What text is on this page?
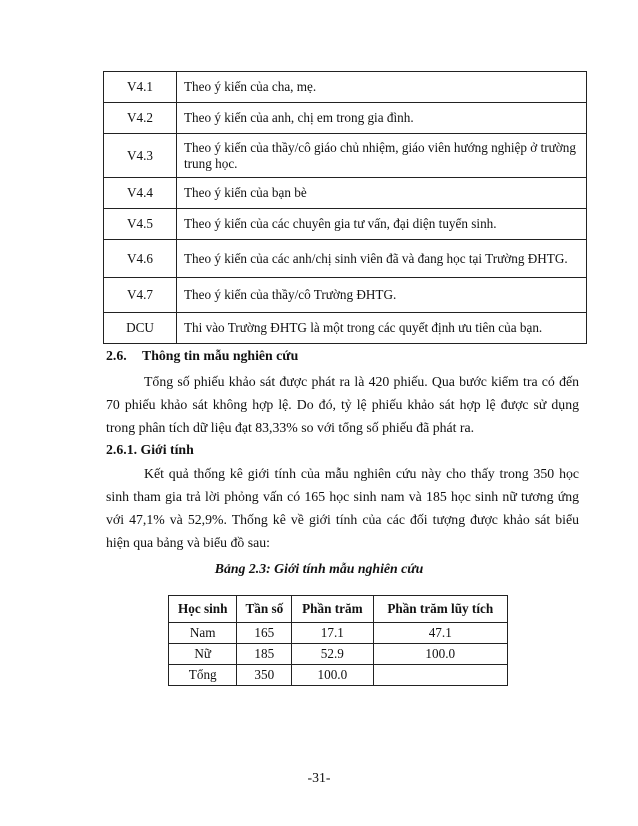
V4.1	Theo ý kiến của cha, mẹ.
V4.2	Theo ý kiến của anh, chị em trong gia đình.
V4.3	Theo ý kiến của thầy/cô giáo chủ nhiệm, giáo viên hướng nghiệp ở trường trung học.
V4.4	Theo ý kiến của bạn bè
V4.5	Theo ý kiến của các chuyên gia tư vấn, đại diện tuyển sinh.
V4.6	Theo ý kiến của các anh/chị sinh viên đã và đang học tại Trường ĐHTG.
V4.7	Theo ý kiến của thầy/cô Trường ĐHTG.
DCU	Thi vào Trường ĐHTG là một trong các quyết định ưu tiên của bạn.
2.6. Thông tin mẫu nghiên cứu

Tổng số phiếu khảo sát được phát ra là 420 phiếu. Qua bước kiểm tra có đến 70 phiếu khảo sát không hợp lệ. Do đó, tỷ lệ phiếu khảo sát hợp lệ được sử dụng trong phân tích dữ liệu đạt 83,33% so với tổng số phiếu đã phát ra.

2.6.1. Giới tính

Kết quả thống kê giới tính của mẫu nghiên cứu này cho thấy trong 350 học sinh tham gia trả lời phỏng vấn có 165 học sinh nam và 185 học sinh nữ tương ứng với 47,1% và 52,9%. Thống kê về giới tính của các đối tượng được khảo sát biểu hiện qua bảng và biểu đồ sau:

Bảng 2.3: Giới tính mẫu nghiên cứu
Học sinh	Tần số	Phần trăm	Phần trăm lũy tích
Nam	165	17.1	47.1
Nữ	185	52.9	100.0
Tổng	350	100.0	
-31-
